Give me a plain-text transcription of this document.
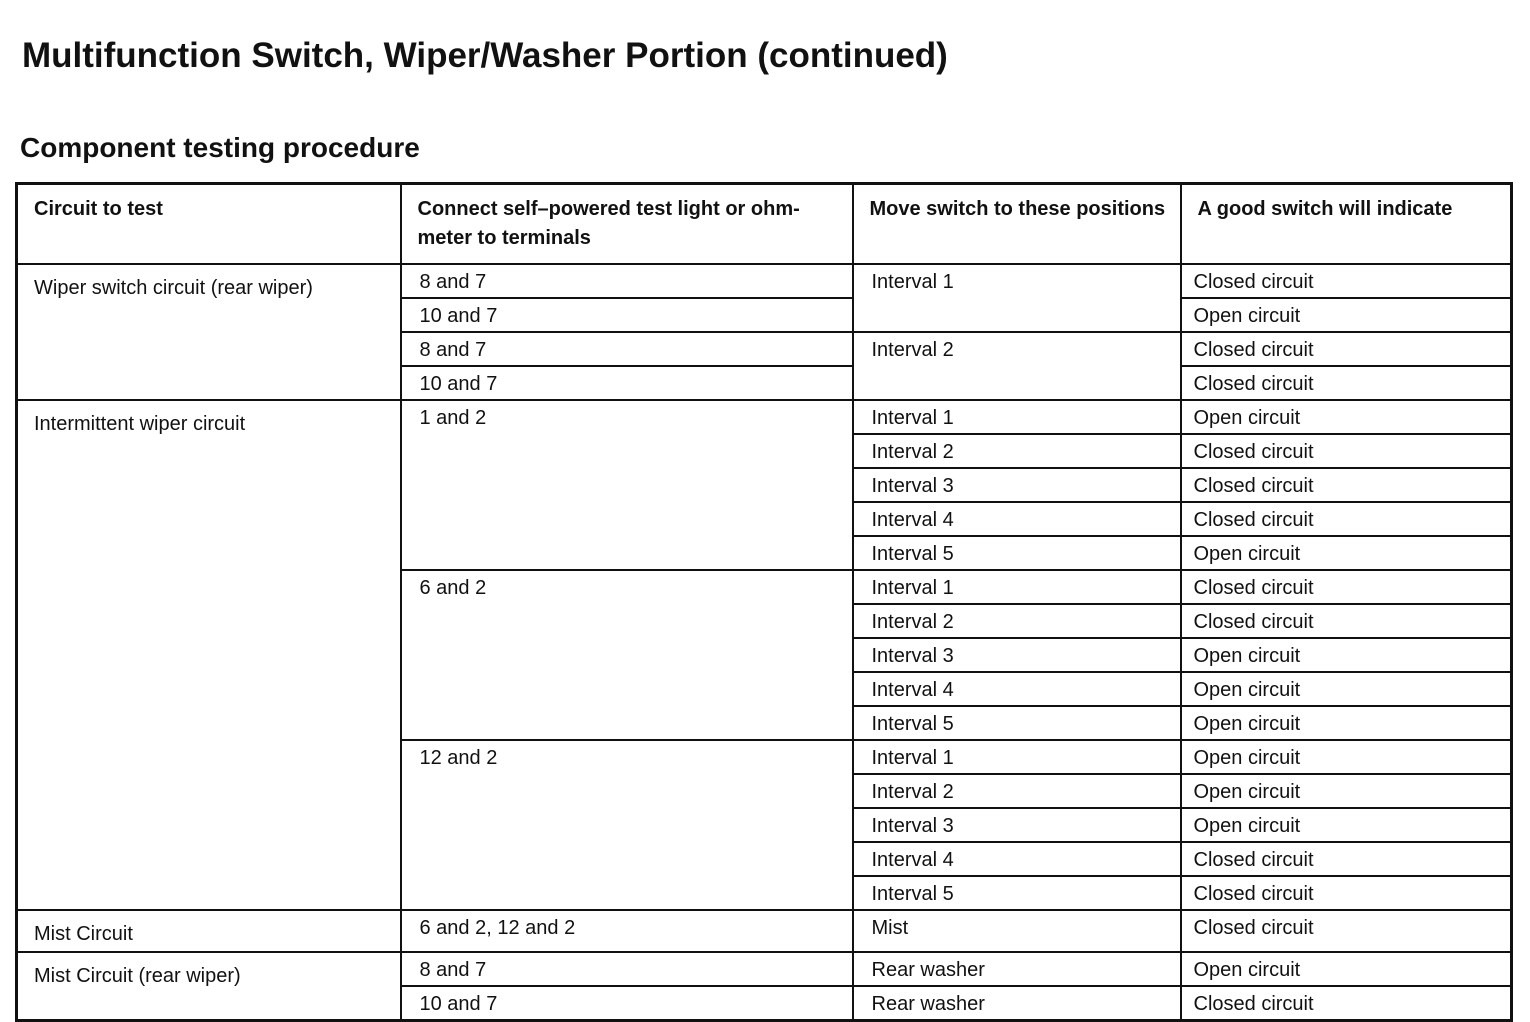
Multifunction Switch, Wiper/Washer Portion (continued)
Component testing procedure
Circuit to test	Connect self–powered test light or ohm-meter to terminals	Move switch to these positions	A good switch will indicate
Wiper switch circuit (rear wiper)	8 and 7	Interval 1	Closed circuit
	10 and 7		Open circuit
	8 and 7	Interval 2	Closed circuit
	10 and 7		Closed circuit
Intermittent wiper circuit	1 and 2	Interval 1	Open circuit
		Interval 2	Closed circuit
		Interval 3	Closed circuit
		Interval 4	Closed circuit
		Interval 5	Open circuit
	6 and 2	Interval 1	Closed circuit
		Interval 2	Closed circuit
		Interval 3	Open circuit
		Interval 4	Open circuit
		Interval 5	Open circuit
	12 and 2	Interval 1	Open circuit
		Interval 2	Open circuit
		Interval 3	Open circuit
		Interval 4	Closed circuit
		Interval 5	Closed circuit
Mist Circuit	6 and 2, 12 and 2	Mist	Closed circuit
Mist Circuit (rear wiper)	8 and 7	Rear washer	Open circuit
	10 and 7	Rear washer	Closed circuit
